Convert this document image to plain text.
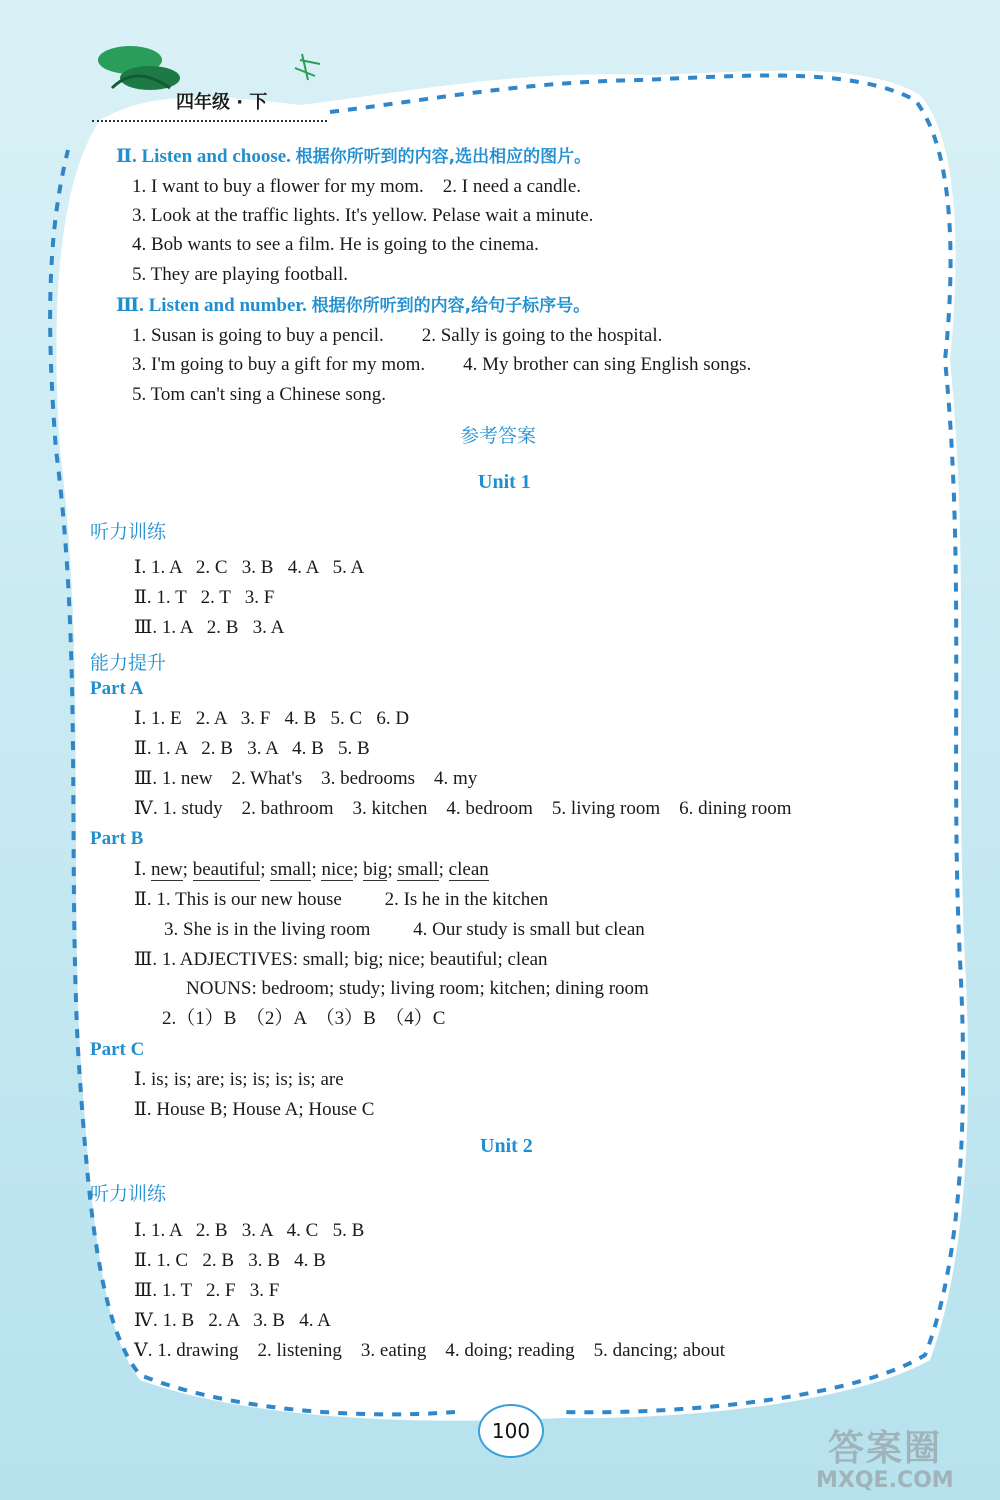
四年级 · 下
Ⅱ. Listen and choose. 根据你所听到的内容,选出相应的图片。
1. I want to buy a flower for my mom.    2. I need a candle.
3. Look at the traffic lights. It's yellow. Pelase wait a minute.
4. Bob wants to see a film. He is going to the cinema.
5. They are playing football.
Ⅲ. Listen and number. 根据你所听到的内容,给句子标序号。
1. Susan is going to buy a pencil.        2. Sally is going to the hospital.
3. I'm going to buy a gift for my mom.        4. My brother can sing English songs.
5. Tom can't sing a Chinese song.
参考答案
Unit 1
听力训练
Ⅰ. 1. A   2. C   3. B   4. A   5. A
Ⅱ. 1. T   2. T   3. F
Ⅲ. 1. A   2. B   3. A
能力提升
Part A
Ⅰ. 1. E   2. A   3. F   4. B   5. C   6. D
Ⅱ. 1. A   2. B   3. A   4. B   5. B
Ⅲ. 1. new    2. What's    3. bedrooms    4. my
Ⅳ. 1. study    2. bathroom    3. kitchen    4. bedroom    5. living room    6. dining room
Part B
Ⅰ. new; beautiful; small; nice; big; small; clean
Ⅱ. 1. This is our new house         2. Is he in the kitchen
3. She is in the living room         4. Our study is small but clean
Ⅲ. 1. ADJECTIVES: small; big; nice; beautiful; clean
NOUNS: bedroom; study; living room; kitchen; dining room
2.（1）B  （2）A  （3）B  （4）C
Part C
Ⅰ. is; is; are; is; is; is; is; are
Ⅱ. House B; House A; House C
Unit 2
听力训练
Ⅰ. 1. A   2. B   3. A   4. C   5. B
Ⅱ. 1. C   2. B   3. B   4. B
Ⅲ. 1. T   2. F   3. F
Ⅳ. 1. B   2. A   3. B   4. A
Ⅴ. 1. drawing    2. listening    3. eating    4. doing; reading    5. dancing; about
100	答案圈
MXQE.COM
